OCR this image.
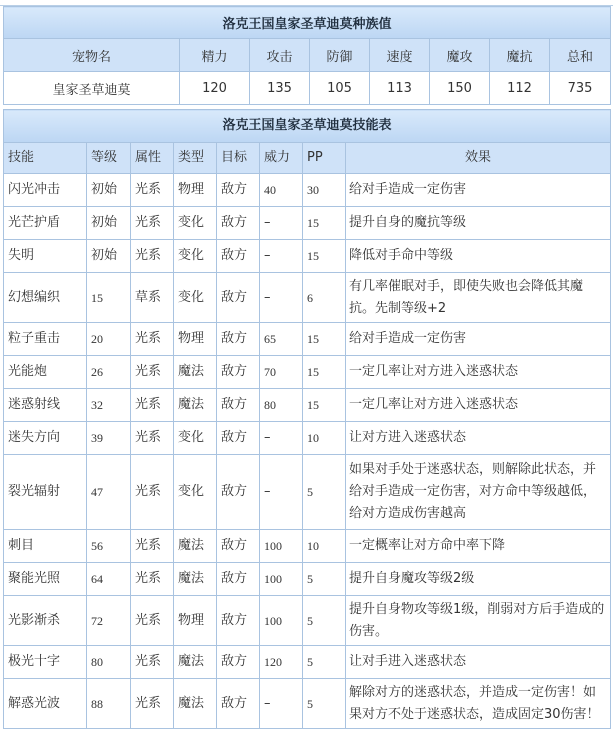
洛克王国皇家圣草迪莫种族值							
宠物名	精力	攻击	防御	速度	魔攻	魔抗	总和
皇家圣草迪莫	120	135	105	113	150	112	735
洛克王国皇家圣草迪莫技能表							
技能	等级	属性	类型	目标	威力	PP	效果
闪光冲击	初始	光系	物理	敌方	40	30	给对手造成一定伤害
光芒护盾	初始	光系	变化	敌方	–	15	提升自身的魔抗等级
失明	初始	光系	变化	敌方	–	15	降低对手命中等级
幻想编织	15	草系	变化	敌方	–	6	有几率催眠对手，即使失败也会降低其魔抗。先制等级+2
粒子重击	20	光系	物理	敌方	65	15	给对手造成一定伤害
光能炮	26	光系	魔法	敌方	70	15	一定几率让对方进入迷惑状态
迷惑射线	32	光系	魔法	敌方	80	15	一定几率让对方进入迷惑状态
迷失方向	39	光系	变化	敌方	–	10	让对方进入迷惑状态
裂光辐射	47	光系	变化	敌方	–	5	如果对手处于迷惑状态，则解除此状态，并给对手造成一定伤害，对方命中等级越低，给对方造成伤害越高
刺目	56	光系	魔法	敌方	100	10	一定概率让对方命中率下降
聚能光照	64	光系	魔法	敌方	100	5	提升自身魔攻等级2级
光影渐杀	72	光系	物理	敌方	100	5	提升自身物攻等级1级，削弱对方后手造成的伤害。
极光十字	80	光系	魔法	敌方	120	5	让对手进入迷惑状态
解惑光波	88	光系	魔法	敌方	–	5	解除对方的迷惑状态，并造成一定伤害！如果对方不处于迷惑状态，造成固定30伤害！
